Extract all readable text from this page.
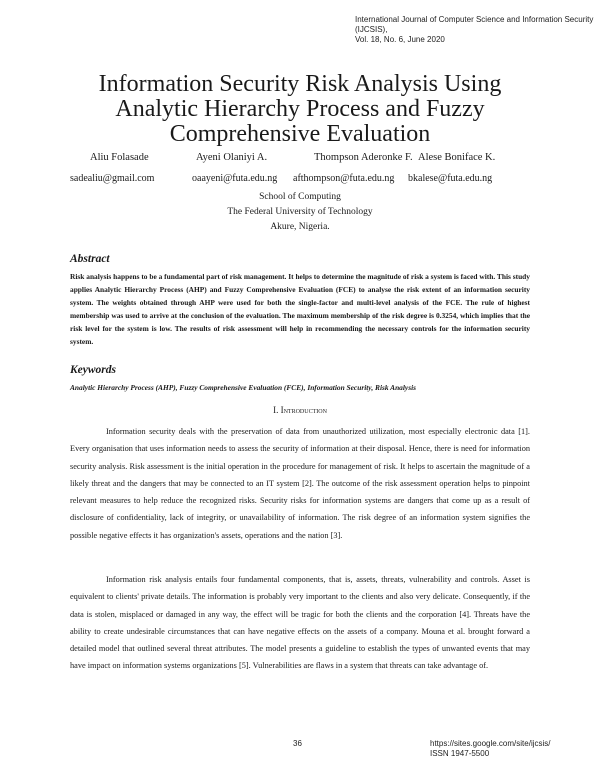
International Journal of Computer Science and Information Security (IJCSIS),
Vol. 18, No. 6, June 2020
Information Security Risk Analysis Using Analytic Hierarchy Process and Fuzzy Comprehensive Evaluation
Aliu Folasade	Ayeni Olaniyi A.	Thompson Aderonke F. Alese Boniface K.
sadealiu@gmail.com	oaayeni@futa.edu.ng afthompson@futa.edu.ng bkalese@futa.edu.ng
School of Computing
The Federal University of Technology
Akure, Nigeria.
Abstract
Risk analysis happens to be a fundamental part of risk management. It helps to determine the magnitude of risk a system is faced with. This study applies Analytic Hierarchy Process (AHP) and Fuzzy Comprehensive Evaluation (FCE) to analyse the risk extent of an information security system. The weights obtained through AHP were used for both the single-factor and multi-level analysis of the FCE. The rule of highest membership was used to arrive at the conclusion of the evaluation. The maximum membership of the risk degree is 0.3254, which implies that the risk level for the system is low. The results of risk assessment will help in recommending the necessary controls for the information security system.
Keywords
Analytic Hierarchy Process (AHP), Fuzzy Comprehensive Evaluation (FCE), Information Security, Risk Analysis
I. Introduction
Information security deals with the preservation of data from unauthorized utilization, most especially electronic data [1]. Every organisation that uses information needs to assess the security of information at their disposal. Hence, there is need for information security analysis. Risk assessment is the initial operation in the procedure for management of risk. It helps to ascertain the magnitude of a likely threat and the dangers that may be connected to an IT system [2]. The outcome of the risk assessment operation helps to pinpoint relevant measures to help reduce the recognized risks. Security risks for information systems are dangers that come up as a result of disclosure of confidentiality, lack of integrity, or unavailability of information. The risk degree of an information system signifies the possible negative effects it has organization's assets, operations and the nation [3].
Information risk analysis entails four fundamental components, that is, assets, threats, vulnerability and controls. Asset is equivalent to clients' private details. The information is probably very important to the clients and also very delicate. Consequently, if the data is stolen, misplaced or damaged in any way, the effect will be tragic for both the clients and the corporation [4]. Threats have the ability to create undesirable circumstances that can have negative effects on the assets of a company. Mouna et al. brought forward a detailed model that outlined several threat attributes. The model presents a guideline to establish the types of unwanted events that may have impact on information systems organizations [5]. Vulnerabilities are flaws in a system that threats can take advantage of.
36	https://sites.google.com/site/ijcsis/
ISSN 1947-5500
